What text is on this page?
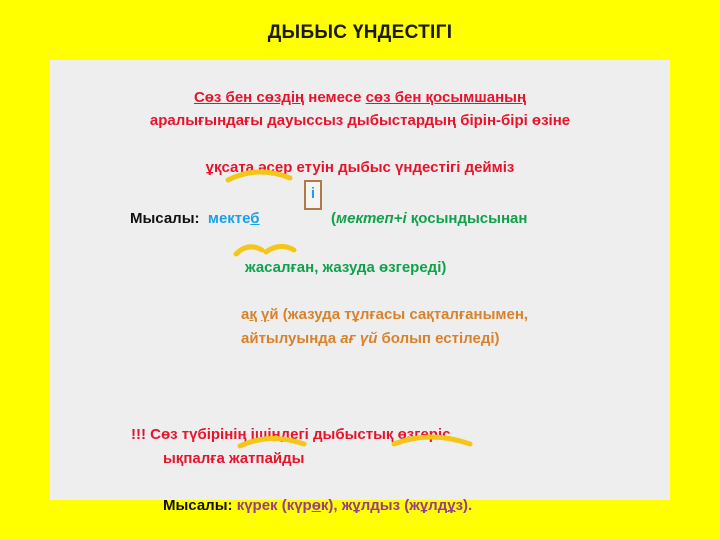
ДЫБЫС ҮНДЕСТІГІ
Сөз бен сөздің немесе сөз бен қосымшаның
аралығындағы дауыссыз дыбыстардың бірін-бірі өзіне
ұқсата әсер етуін дыбыс үндестігі дейміз
Мысалы: мектеб
і
(мектеп+і қосындысынан
жасалған, жазуда өзгереді)
ақ үй (жазуда тұлғасы сақталғанымен,
айтылуында ағ үй болып естіледі)
!!! Сөз түбірінің ішіндегі дыбыстық өзгеріс
ықпалға жатпайды
Мысалы: күрек (күрөк), жұлдыз (жұлдұз).
